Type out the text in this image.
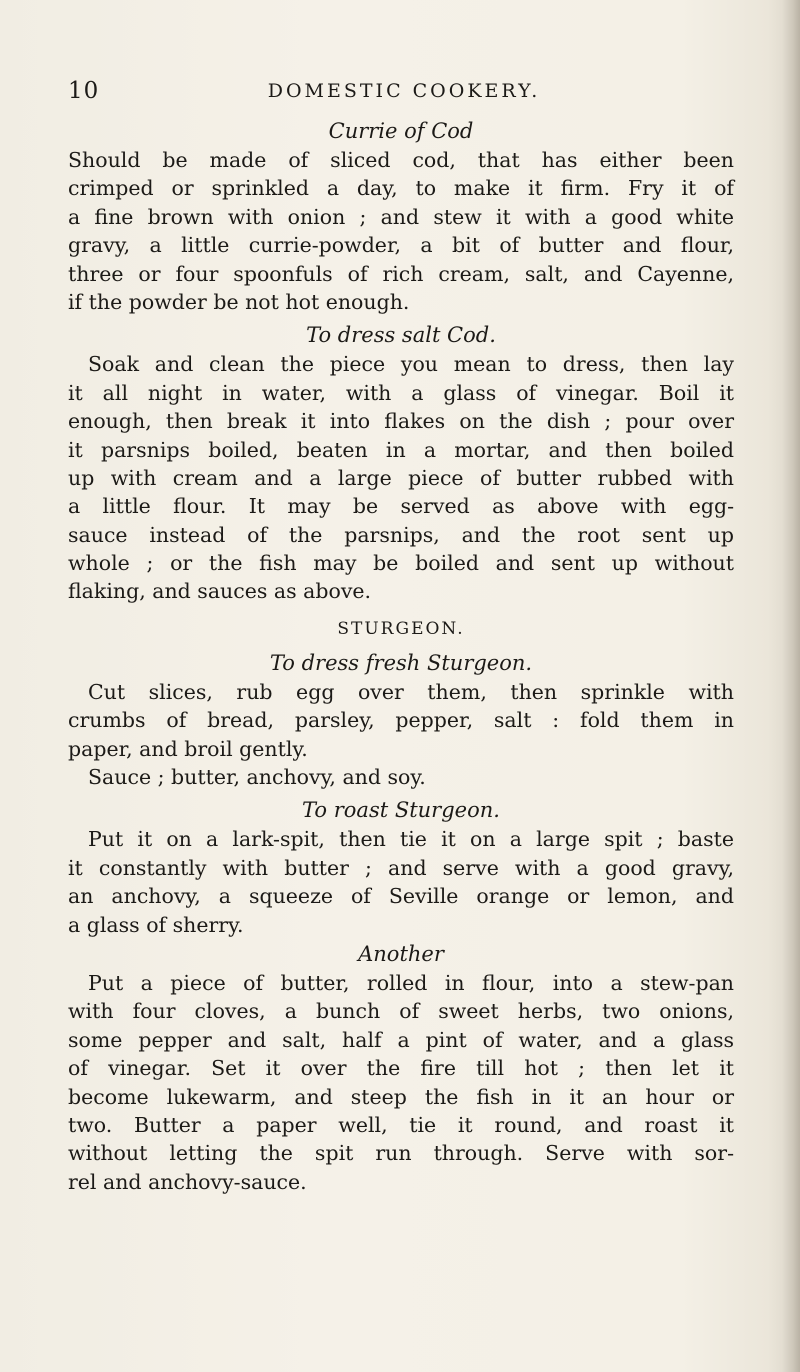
10	DOMESTIC COOKERY.
Currie of Cod
Should be made of sliced cod, that has either been
crimped or sprinkled a day, to make it firm. Fry it of
a fine brown with onion ; and stew it with a good white
gravy, a little currie-powder, a bit of butter and flour,
three or four spoonfuls of rich cream, salt, and Cayenne,
if the powder be not hot enough.
To dress salt Cod.
Soak and clean the piece you mean to dress, then lay
it all night in water, with a glass of vinegar. Boil it
enough, then break it into flakes on the dish ; pour over
it parsnips boiled, beaten in a mortar, and then boiled
up with cream and a large piece of butter rubbed with
a little flour. It may be served as above with egg-
sauce instead of the parsnips, and the root sent up
whole ; or the fish may be boiled and sent up without
flaking, and sauces as above.
STURGEON.
To dress fresh Sturgeon.
Cut slices, rub egg over them, then sprinkle with
crumbs of bread, parsley, pepper, salt : fold them in
paper, and broil gently.
Sauce ; butter, anchovy, and soy.
To roast Sturgeon.
Put it on a lark-spit, then tie it on a large spit ; baste
it constantly with butter ; and serve with a good gravy,
an anchovy, a squeeze of Seville orange or lemon, and
a glass of sherry.
Another
Put a piece of butter, rolled in flour, into a stew-pan
with four cloves, a bunch of sweet herbs, two onions,
some pepper and salt, half a pint of water, and a glass
of vinegar. Set it over the fire till hot ; then let it
become lukewarm, and steep the fish in it an hour or
two. Butter a paper well, tie it round, and roast it
without letting the spit run through. Serve with sor-
rel and anchovy-sauce.
